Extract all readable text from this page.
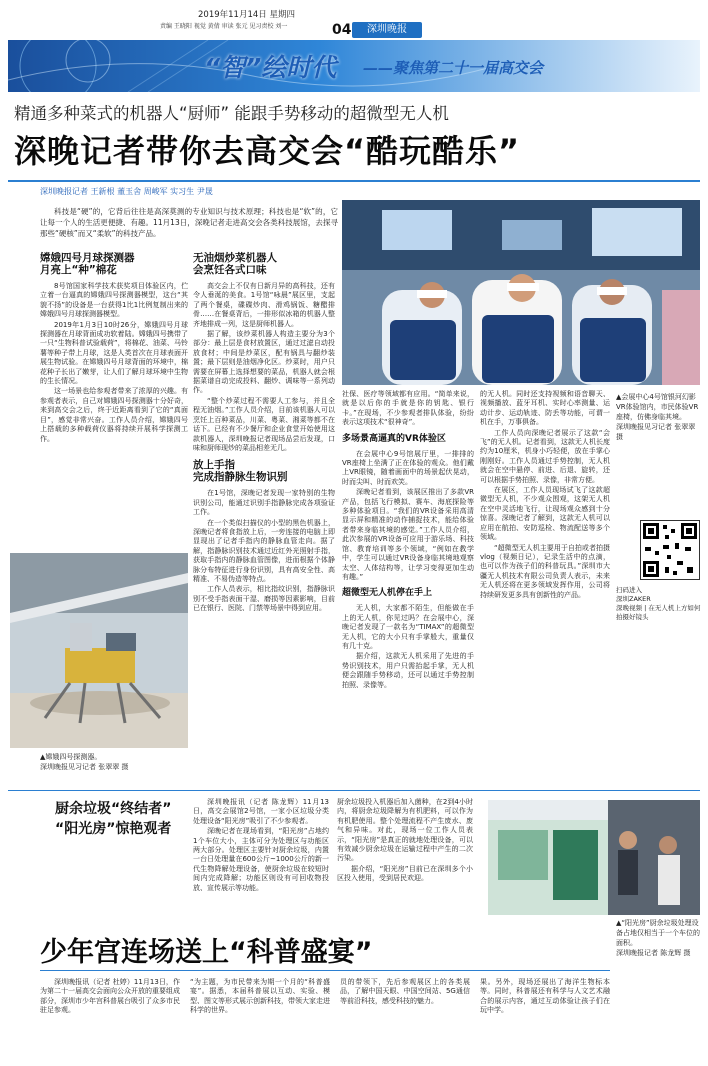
2019年11月14日 星期四
责编 王晓阳 视觉 黄倩 审读 张元 见习责校 刘一	04	深圳晚报
“智”绘时代 ——聚焦第二十一届高交会
精通多种菜式的机器人“厨师” 能跟手势移动的超微型无人机
深晚记者带你去高交会“酷玩酷乐”
深圳晚报记者 王新根 董玉舍 周峻军 实习生 尹晟
科技是“硬”的，它背后往往是高深莫测的专业知识与技术原理；科技也是“软”的，它让每一个人的生活更便捷、有趣。11月13日，深晚记者走进高交会各类科技展馆，去探寻那些“硬核”而又“柔软”的科技产品。
嫦娥四号月球探测器
月亮上“种”棉花
8号馆国家科学技术获奖项目体验区内，伫立着一台逼真的嫦娥四号探测器模型，这台“其貌不扬”的设备是一台获得1比1比例复制出来的嫦娥四号月球探测器模型。
2019年1月3日10时26分，嫦娥四号月球探测器在月球背面成功软着陆。嫦娥四号携带了一只“生物科普试验载荷”，将棉花、油菜、马铃薯等种子带上月球，这是人类首次在月球表面开展生物试验。在嫦娥四号月球背面的环境中，棉花种子长出了嫩芽，让人们了解月球环境中生物的生长情况。
这一场景也给参观者带来了浓厚的兴趣。有参观者表示，自己对嫦娥四号探测器十分好奇，来到高交会之后，终于近距离看到了它的“真面目”，感觉非常兴奋。工作人员介绍，嫦娥四号上搭载的多种载荷仪器将持续开展科学探测工作。
▲嫦娥四号探测器。
深圳晚报见习记者 张翠翠 摄
无油烟炒菜机器人
会烹饪各式口味
高交会上不仅有日新月异的高科技，还有令人垂涎的美食。1号馆“咏晨”展区里，支起了两个餐桌，碟碟炒肉、滑鸡锅饭、糖醋排骨……在餐桌背后，一排形似冰箱的机器人整齐地排成一列，这是厨师机器人。
据了解，该炒菜机器人构造主要分为3个部分：最上层是食材放置区，通过过滤自动投放食材；中间是炒菜区，配有锅具与翻炒装置；最下层则是油烟净化区。炒菜时，用户只需要在屏幕上选择想要的菜品，机器人就会根据菜谱自动完成投料、翻炒、调味等一系列动作。
“整个炒菜过程不需要人工参与，并且全程无油烟。”工作人员介绍，目前该机器人可以烹饪上百种菜品，川菜、粤菜、湘菜等都不在话下。已经有不少餐厅和企业食堂开始使用这款机器人，深圳晚报记者现场品尝后发现，口味和厨师现炒的菜品相差无几。
放上手指
完成指静脉生物识别
在1号馆，深晚记者发现一家特别的生物识别公司，能通过识别手指静脉完成各项验证工作。
在一个类似扫描仪的小型的黑色机器上，深晚记者将食指放上后，一旁连接的电脑上即显现出了记者手指内的静脉血管走向。据了解，指静脉识别技术通过近红外光照射手指，获取手指内的静脉血管图像，进而根据个体静脉分布特征进行身份识别，具有高安全性、高精准、不易伪造等特点。
工作人员表示，相比指纹识别，指静脉识别不受手指表面干湿、磨损等因素影响，目前已在银行、医院、门禁等场景中得到应用。
社保、医疗等领域都有应用。“简单来说，就是以后你的手就是你的钥匙、银行卡。”在现场，不少参观者排队体验，纷纷表示这项技术“很神奇”。
多场景高逼真的VR体验区
在会展中心9号馆展厅里，一排排的VR座椅上坐满了正在体验的观众。他们戴上VR眼镜，随着画面中的场景起伏晃动，时而尖叫、时而欢笑。
深晚记者看到，该展区推出了多款VR产品，包括飞行模拟、赛车、海底探险等多种体验项目。“我们的VR设备采用高清显示屏和精准的动作捕捉技术，能给体验者带来身临其境的感觉。”工作人员介绍，此次参展的VR设备可应用于游乐场、科技馆、教育培训等多个领域，“例如在教学中，学生可以通过VR设备身临其境地观察太空、人体结构等，让学习变得更加生动有趣。”
超微型无人机停在手上
无人机，大家都不陌生，但能做在手上的无人机，你见过吗？在会展中心，深晚记者发现了一款名为“TIMAX”的超微型无人机，它的大小只有手掌般大，重量仅有几十克。
据介绍，这款无人机采用了先进的手势识别技术，用户只需抬起手掌，无人机便会跟随手势移动，还可以通过手势控制拍照、录像等。
的无人机。同时还支持视频和语音聊天、视频播放、蓝牙耳机、实时心率测量、运动计步、运动轨迹、防丢等功能，可谓一机在手，万事俱备。
工作人员向深晚记者展示了这款“会飞”的无人机。记者看到，这款无人机长度约为10厘米，机身小巧轻便，放在手掌心刚刚好。工作人员通过手势控制，无人机就会在空中悬停、前进、后退、旋转，还可以根据手势拍照、录像，非常方便。
在展区，工作人员现场试飞了这款超微型无人机，不少观众围观，这架无人机在空中灵活地飞行，让现场观众感到十分惊喜。深晚记者了解到，这款无人机可以应用在航拍、安防巡检、物流配送等多个领域。
“超微型无人机主要用于自拍或者拍摄vlog（视频日记），记录生活中的点滴，也可以作为孩子们的科普玩具。”深圳市大疆无人机技术有限公司负责人表示，未来无人机还将在更多领域发挥作用，公司将持续研发更多具有创新性的产品。
▲会展中心4号馆银河幻影VR体验馆内，市民体验VR座椅，仿佛身临其境。
深圳晚报见习记者 张翠翠 摄
扫码进入
深圳ZAKER
深晚视频 | 在无人机上方如何拍摄好镜头
厨余垃圾“终结者”
“阳光房”惊艳观者
深圳晚报讯（记者 陈龙辉）11月13日，高交会展馆2号馆，一家小区垃圾分类处理设备“阳光房”吸引了不少参观者。
深晚记者在现场看到，“阳光房”占地约1个车位大小，主体可分为处理区与功能区两大部分。处理区主要针对厨余垃圾，内置一台日处理量在600公斤~1000公斤的新一代生物降解处理设备，使厨余垃圾在较短时间内完成降解；功能区则设有可回收物投放、宣传展示等功能。
厨余垃圾投入机器后加入菌种，在2到4小时内，将厨余垃圾降解为有机肥料，可以作为有机肥使用。整个处理流程不产生废水、废气和异味。对此，现场一位工作人员表示，“阳光房”是真正的就地处理设备，可以有效减少厨余垃圾在运输过程中产生的二次污染。
据介绍，“阳光房”目前已在深圳多个小区投入使用，受到居民欢迎。
▲“阳光房”厨余垃圾处理设备占地仅相当于一个车位的面积。
深圳晚报记者 陈龙辉 摄
少年宫连场送上“科普盛宴”
深圳晚报讯（记者 杜婷）11月13日，作为第二十一届高交会面向公众开放的重要组成部分，深圳市少年宫科普展台吸引了众多市民驻足参观。
“为主题，为市民带来为期一个月的“科普盛宴”。据悉，本届科普展以互动、实验、模型、图文等形式展示创新科技，带领大家走进科学的世界。
员的带领下，先后参观展区上的各类展品，了解中国天眼、中国空间站、5G通信等前沿科技，感受科技的魅力。
果。另外，现场还展出了海洋生物标本等。同时，科普展还有科学与人文艺术融合的展示内容，通过互动体验让孩子们在玩中学。
